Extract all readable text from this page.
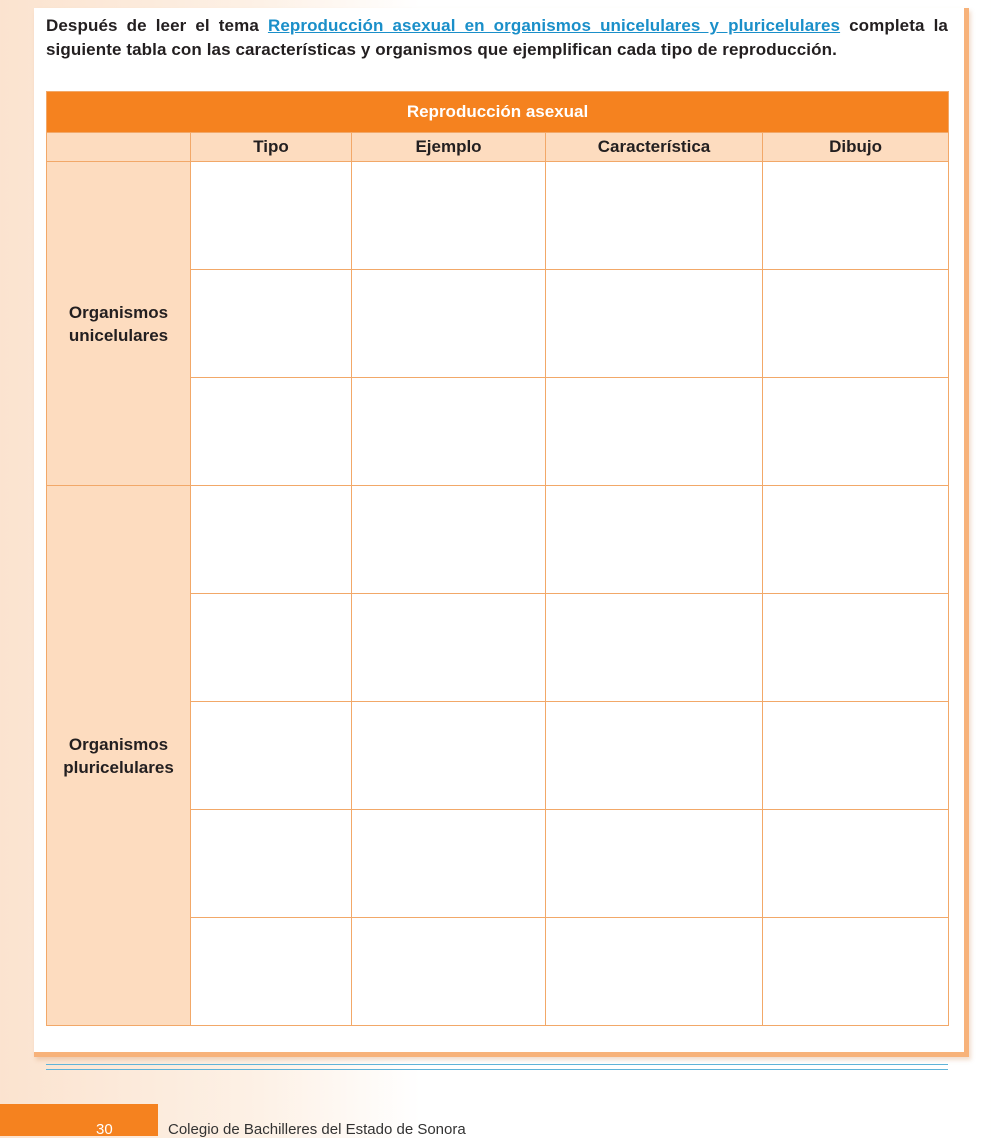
Después de leer el tema Reproducción asexual en organismos unicelulares y pluricelulares completa la siguiente tabla con las características y organismos que ejemplifican cada tipo de reproducción.

Reproducción asexual				
	Tipo	Ejemplo	Característica	Dibujo

Organismos
unicelulares				

Organismos
pluricelulares				

30	Colegio de Bachilleres del Estado de Sonora
